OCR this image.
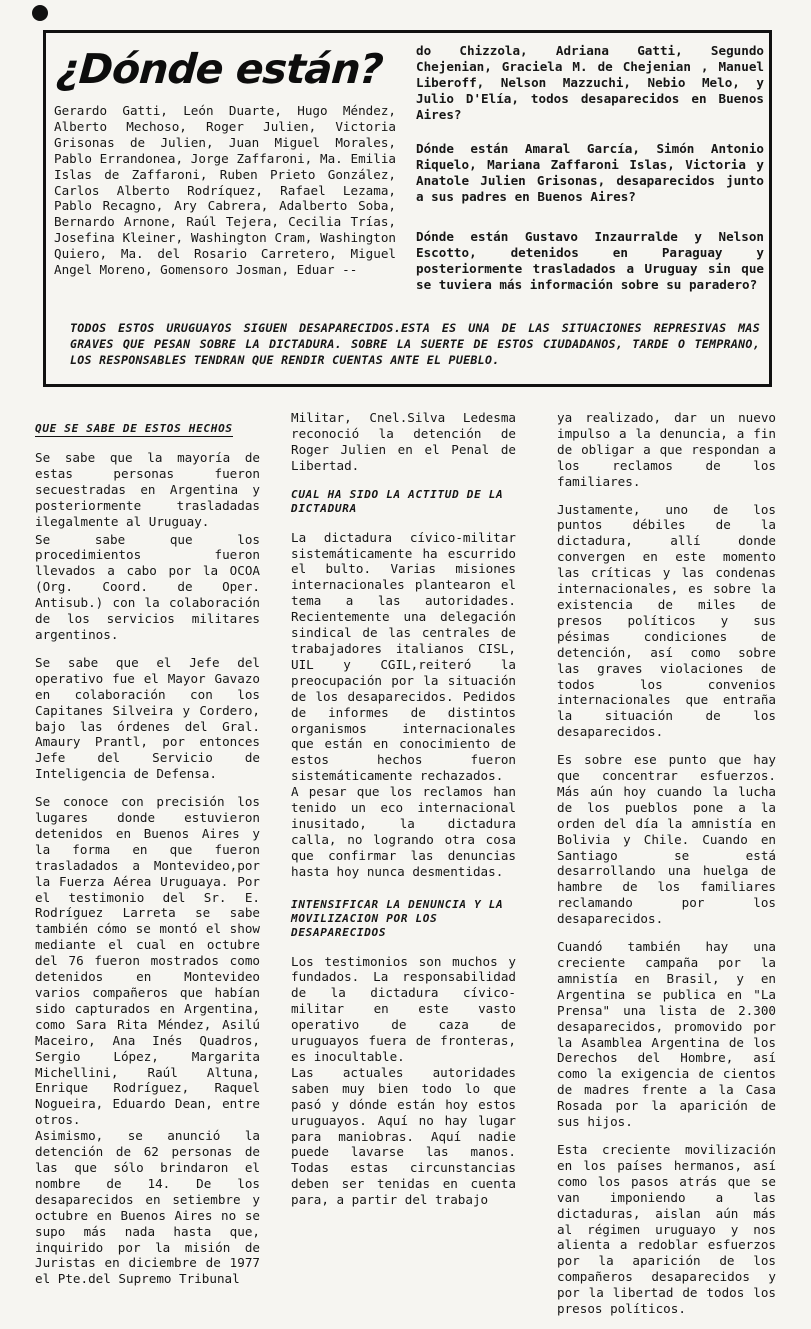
¿Dónde están?

Gerardo Gatti, León Duarte, Hugo Méndez, Alberto Mechoso, Roger Julien, Victoria Grisonas de Julien, Juan Miguel Morales, Pablo Errandonea, Jorge Zaffaroni, Ma. Emilia Islas de Zaffaroni, Ruben Prieto González, Carlos Alberto Rodríquez, Rafael Lezama, Pablo Recagno, Ary Cabrera, Adalberto Soba, Bernardo Arnone, Raúl Tejera, Cecilia Trías, Josefina Kleiner, Washington Cram, Washington Quiero, Ma. del Rosario Carretero, Miguel Angel Moreno, Gomensoro Josman, Eduar --

do Chizzola, Adriana Gatti, Segundo Chejenian, Graciela M. de Chejenian , Manuel Liberoff, Nelson Mazzuchi, Nebio Melo, y Julio D'Elía, todos desaparecidos en Buenos Aires?

Dónde están Amaral García, Simón Antonio Riquelo, Mariana Zaffaroni Islas, Victoria y Anatole Julien Grisonas, desaparecidos junto a sus padres en Buenos Aires?

Dónde están Gustavo Inzaurralde y Nelson Escotto, detenidos en Paraguay y posteriormente trasladados a Uruguay sin que se tuviera más información sobre su paradero?

TODOS ESTOS URUGUAYOS SIGUEN DESAPARECIDOS.ESTA ES UNA DE LAS SITUACIONES REPRESIVAS MAS GRAVES QUE PESAN SOBRE LA DICTADURA. SOBRE LA SUERTE DE ESTOS CIUDADANOS, TARDE O TEMPRANO, LOS RESPONSABLES TENDRAN QUE RENDIR CUENTAS ANTE EL PUEBLO.

QUE SE SABE DE ESTOS HECHOS

Se sabe que la mayoría de estas personas fueron secuestradas en Argentina y posteriormente trasladadas ilegalmente al Uruguay.

Se sabe que los procedimientos fueron llevados a cabo por la OCOA (Org. Coord. de Oper. Antisub.) con la colaboración de los servicios militares argentinos.

Se sabe que el Jefe del operativo fue el Mayor Gavazo en colaboración con los Capitanes Silveira y Cordero, bajo las órdenes del Gral. Amaury Prantl, por entonces Jefe del Servicio de Inteligencia de Defensa.

Se conoce con precisión los lugares donde estuvieron detenidos en Buenos Aires y la forma en que fueron trasladados a Montevideo,por la Fuerza Aérea Uruguaya. Por el testimonio del Sr. E. Rodríguez Larreta se sabe también cómo se montó el show mediante el cual en octubre del 76 fueron mostrados como detenidos en Montevideo varios compañeros que habían sido capturados en Argentina, como Sara Rita Méndez, Asilú Maceiro, Ana Inés Quadros, Sergio López, Margarita Michellini, Raúl Altuna, Enrique Rodríguez, Raquel Nogueira, Eduardo Dean, entre otros.

Asimismo, se anunció la detención de 62 personas de las que sólo brindaron el nombre de 14. De los desaparecidos en setiembre y octubre en Buenos Aires no se supo más nada hasta que, inquirido por la misión de Juristas en diciembre de 1977 el Pte.del Supremo Tribunal

Militar, Cnel.Silva Ledesma reconoció la detención de Roger Julien en el Penal de Libertad.

CUAL HA SIDO LA ACTITUD DE LA DICTADURA

La dictadura cívico-militar sistemáticamente ha escurrido el bulto. Varias misiones internacionales plantearon el tema a las autoridades. Recientemente una delegación sindical de las centrales de trabajadores italianos CISL, UIL y CGIL,reiteró la preocupación por la situación de los desaparecidos. Pedidos de informes de distintos organismos internacionales que están en conocimiento de estos hechos fueron sistemáticamente rechazados.

A pesar que los reclamos han tenido un eco internacional inusitado, la dictadura calla, no logrando otra cosa que confirmar las denuncias hasta hoy nunca desmentidas.

INTENSIFICAR LA DENUNCIA Y LA MOVILIZACION POR LOS DESAPARECIDOS

Los testimonios son muchos y fundados. La responsabilidad de la dictadura cívico-militar en este vasto operativo de caza de uruguayos fuera de fronteras, es inocultable.

Las actuales autoridades saben muy bien todo lo que pasó y dónde están hoy estos uruguayos. Aquí no hay lugar para maniobras. Aquí nadie puede lavarse las manos. Todas estas circunstancias deben ser tenidas en cuenta para, a partir del trabajo

ya realizado, dar un nuevo impulso a la denuncia, a fin de obligar a que respondan a los reclamos de los familiares.

Justamente, uno de los puntos débiles de la dictadura, allí donde convergen en este momento las críticas y las condenas internacionales, es sobre la existencia de miles de presos políticos y sus pésimas condiciones de detención, así como sobre las graves violaciones de todos los convenios internacionales que entraña la situación de los desaparecidos.

Es sobre ese punto que hay que concentrar esfuerzos. Más aún hoy cuando la lucha de los pueblos pone a la orden del día la amnistía en Bolivia y Chile. Cuando en Santiago se está desarrollando una huelga de hambre de los familiares reclamando por los desaparecidos.

Cuandó también hay una creciente campaña por la amnistía en Brasil, y en Argentina se publica en "La Prensa" una lista de 2.300 desaparecidos, promovido por la Asamblea Argentina de los Derechos del Hombre, así como la exigencia de cientos de madres frente a la Casa Rosada por la aparición de sus hijos.

Esta creciente movilización en los países hermanos, así como los pasos atrás que se van imponiendo a las dictaduras, aislan aún más al régimen uruguayo y nos alienta a redoblar esfuerzos por la aparición de los compañeros desaparecidos y por la libertad de todos los presos políticos.
